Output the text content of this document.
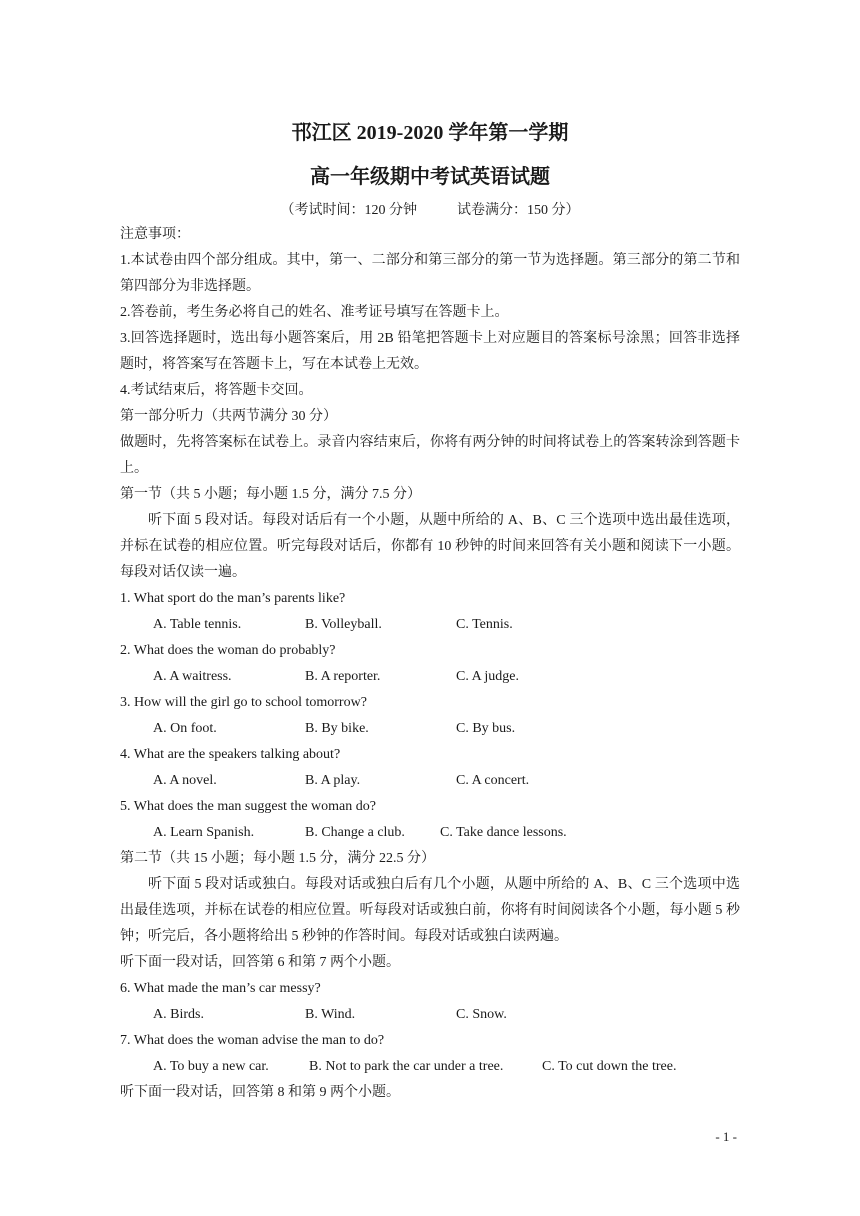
邗江区 2019-2020 学年第一学期
高一年级期中考试英语试题
（考试时间：120 分钟	试卷满分：150 分）

注意事项：

1.本试卷由四个部分组成。其中，第一、二部分和第三部分的第一节为选择题。第三部分的第二节和第四部分为非选择题。

2.答卷前，考生务必将自己的姓名、准考证号填写在答题卡上。

3.回答选择题时，选出每小题答案后，用 2B 铅笔把答题卡上对应题目的答案标号涂黑；回答非选择题时，将答案写在答题卡上，写在本试卷上无效。

4.考试结束后，将答题卡交回。

第一部分听力（共两节满分 30 分）

做题时，先将答案标在试卷上。录音内容结束后，你将有两分钟的时间将试卷上的答案转涂到答题卡上。

第一节（共 5 小题；每小题 1.5 分，满分 7.5 分）

听下面 5 段对话。每段对话后有一个小题，从题中所给的 A、B、C 三个选项中选出最佳选项，并标在试卷的相应位置。听完每段对话后，你都有 10 秒钟的时间来回答有关小题和阅读下一小题。每段对话仅读一遍。

1. What sport do the man’s parents like?

A. Table tennis.	B. Volleyball.	C. Tennis.

2. What does the woman do probably?

A. A waitress.	B. A reporter.	C. A judge.

3. How will the girl go to school tomorrow?

A. On foot.	B. By bike.	C. By bus.

4. What are the speakers talking about?

A. A novel.	B. A play.	C. A concert.

5. What does the man suggest the woman do?

A. Learn Spanish.	B. Change a club.	C. Take dance lessons.

第二节（共 15 小题；每小题 1.5 分，满分 22.5 分）

听下面 5 段对话或独白。每段对话或独白后有几个小题，从题中所给的 A、B、C 三个选项中选出最佳选项，并标在试卷的相应位置。听每段对话或独白前，你将有时间阅读各个小题，每小题 5 秒钟；听完后，各小题将给出 5 秒钟的作答时间。每段对话或独白读两遍。

听下面一段对话，回答第 6 和第 7 两个小题。

6. What made the man’s car messy?

A. Birds.	B. Wind.	C. Snow.

7. What does the woman advise the man to do?

A. To buy a new car.	B. Not to park the car under a tree.	C. To cut down the tree.

听下面一段对话，回答第 8 和第 9 两个小题。

- 1 -
